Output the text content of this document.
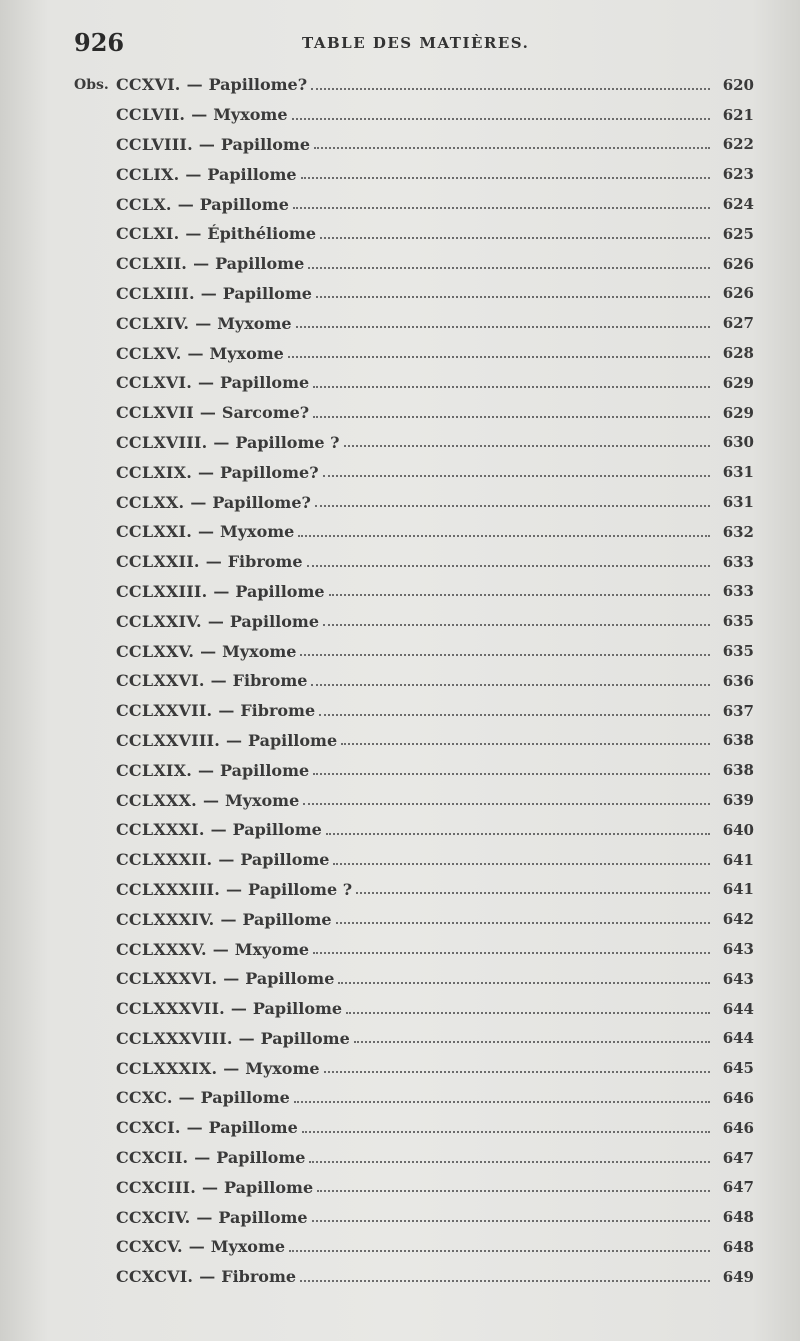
926	TABLE DES MATIÈRES.
Obs. CCXVI. — Papillome?	620
CCLVII. — Myxome	621
CCLVIII. — Papillome	622
CCLIX. — Papillome	623
CCLX. — Papillome	624
CCLXI. — Épithéliome	625
CCLXII. — Papillome	626
CCLXIII. — Papillome	626
CCLXIV. — Myxome	627
CCLXV. — Myxome	628
CCLXVI. — Papillome	629
CCLXVII — Sarcome?	629
CCLXVIII. — Papillome ?	630
CCLXIX. — Papillome?	631
CCLXX. — Papillome?	631
CCLXXI. — Myxome	632
CCLXXII. — Fibrome	633
CCLXXIII. — Papillome	633
CCLXXIV. — Papillome	635
CCLXXV. — Myxome	635
CCLXXVI. — Fibrome	636
CCLXXVII. — Fibrome	637
CCLXXVIII. — Papillome	638
CCLXIX. — Papillome	638
CCLXXX. — Myxome	639
CCLXXXI. — Papillome	640
CCLXXXII. — Papillome	641
CCLXXXIII. — Papillome ?	641
CCLXXXIV. — Papillome	642
CCLXXXV. — Mxyome	643
CCLXXXVI. — Papillome	643
CCLXXXVII. — Papillome	644
CCLXXXVIII. — Papillome	644
CCLXXXIX. — Myxome	645
CCXC. — Papillome	646
CCXCI. — Papillome	646
CCXCII. — Papillome	647
CCXCIII. — Papillome	647
CCXCIV. — Papillome	648
CCXCV. — Myxome	648
CCXCVI. — Fibrome	649
